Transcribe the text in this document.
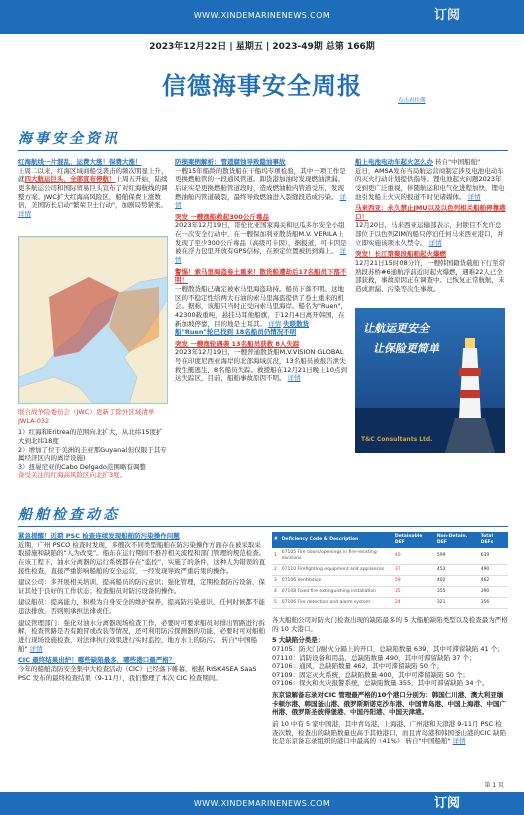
WWW.XINDEMARINENEWS.COM	订阅
2023年12月22日 | 星期五 | 2023-49期 总第 166期
信德海事安全周报
点击看往期
海事安全资讯
红海航线一片混乱，运费大涨！保费大涨！
上周二以来，红海区域商船受袭击的频次明显上升，就四大航运巨头，全部宣布停航！上周五开始，陆续更多航运公司和国际贸易巨头宣布了对红海航线的调整方案。JWC扩大红海高风险区，船舶保费上涨数倍，美国防长启动"繁荣卫士行动"，加剧局势紧张。 详情
联合战争险委员会（JWC）更新了除外区域清单 JWLA-032
1）红海和Eritrea的范围向北扩大，从北纬15度扩大到北纬18度
2）增加了位于美洲的圭亚那Guyana(但仅限于其专属经济区内的离岸设施)
3）扭晏尼亚的Cabo Delgado范围略有调整
备受关注的红海高风险区向北扩3度。
防损案例解析：管道腐蚀导致隐油事故
一艘15年船龄的散货船在干船坞专项检验，其中一项工作是更换燃舱管的一段通风管道。卸货港加油时发现燃油泄漏。后证实是更换燃舱管道段时，造成燃油舱内管道受压，发现燃油舱内管道破裂，最终导致燃油进入裂缝段造成污染。 详情
突发 一艘渔船救起300公斤毒品
2023年12月19日，哥伦比亚国家海关和厄瓜多尔安全小组在一次安全行动中，在一艘保加利亚散货船M.V. VERILA上发现了至少300公斤毒品（高级可卡因），据报道，可卡因是被在浮力包里开放有GPS信标，在预定位置被扔到海上。 详情
警惕！索马里海盗卷土重来！散货船遭劫后17名船员下落不明！
一艘散货船已确定被索马里海盗劫持。船员下落不明。这地区的不稳定性给两大石油的索马里海盗提供了卷土重来的机会。据称，该船只当时正受向索马里海岸。船名为"Ruen"，42300载重吨，悬挂马耳他船旗，于12月4日离开韩国，在新加坡停靠，目的地是土耳其。 详情 失联散货船"Ruen"轮已找到 18名船员仍情况不明
突发 一艘渔轮遇袭 13名船员获救 8人失踪
2023年12月19日，一艘普通散货船M.V.VISION GLOBAL号在印度尼西亚海岸的北部海域沉没，13名船员被报告泄失救生艇逃生，8名船员失踪。救援船在12月21日晚上10点到达失踪区，目前，船舶事故原因不明。 详情
船上电池电动车起火怎么办 转自"中国船舶"
近日，AMSA发布当局航运营商制定涉及电池电动车的灭火行动计划提供指导。锂电池起火问题2023年受到更广泛重视，伴随航运和电气化进程加快，锂电池引发船上火灾的报道不时见诸媒体。 详情
马来西亚：永久禁止JMU以及以色列相关船舶停靠港口！
12月20日，马来西亚运输部表示，封锁目不允许总部位于以色列ZIM的船只停泊任何马来西亚港口，并立即实施该项永久禁令。 详情
突发！长江第聚段船舶起火爆燃
12月21日15时08分许，一艘韩国籍货载舶下行至常熟段苏桥#6通航浮前近时起火爆燃，遇难22人已全部获救，事故原因正在调查中。已恢复正常航航，未造成泄漏、污染等次生事故。
让航运更安全
让保险更简单
T&C Consultants Ltd.
船舶检查动态
紧急提醒！近期 PSC 检查连续发现船舶防污染操作问题
近期，广州 PSCO 检查时发现，多艘次不同类型船舶在防污染操作方面存在被采取采取措施和缺陷的“人为改变”。船东在运行期间不推荐相关流程和部门管理的规范检查。在该工程下，油水分离器的运行系统都存在“监控”，实施了的条件，这种人为错误的直接性检查，直接严重影响船舶的安全运营，一经发现导致严重后果的操作。
建议公司：多开展相关培训，提高船员的防污意识；强化管理，定期检查防污设备，保证其处于良好的工作状态；检查船员对防污设备的操作。
建议船员：提高能力，积极为自身安全的维护保养，提高防污染意识，任何时候都不能违法排放，否则则承担法律责任。
建议管理部门：强化对油水分离器现场检查工作，必要时可要求船员对排出管路进行拆解，检查管路是否有跑冒或改装等情况，还可利用防污探测器的功能，必要时可对船舶进行现场设施检查，对法律执行效果进行实时监控，地方水上的防污。 转自"中国船舶" 详情
CIC 最终结果出炉！哪些缺陷最多，哪些港口最严格？
今年的船舶消防安全集中大检查活动（CIC）已经落下帷幕，根据 RISK4SEA SaaS PSC 发布的最终检查结果（9-11月），我们整理了本次 CIC 检查期间。
#	Deficiency Code & Description	Detainable DEF	Non-Detain. DEF	Total DEFs
1	07105 Fire doors/openings in fire-resisting divisions	40	599	639
2	07110 Firefighting equipment and appliances	37	453	490
3	07106 Ventilation	59	402	462
4	07108 Fixed fire extinguishing installation	35	355	390
5	07106 Fire detection and alarm system	24	321	356
各大船舶公司对防火门检查出现的缺陷最多的 5 大船舶缺陷类型以及检查最为严格的 10 大港口。
5 大缺陷分类是：
07105：防火门/耐火分隔上的开口，总缺陷数量 639，其中可滞留缺陷 41 个；
07110：消防设备和用品，总缺陷数量 490，其中可滞留缺陷 37 个；
07106：通风，总缺陷数量 462，其中可滞留缺陷 50 个；
07109：固定灭火系统，总缺陷数量 400，其中可滞留缺陷 50 个；
07106：探火和火灾报警系统，总缺陷数量 355，其中可滞留缺陷 34 个。
东京谅解备忘录对CIC 管理最严格的10个港口分别为：韩国仁川港、澳大利亚缅卡顿尔港、韩国釜山港、俄罗斯斯诺克沙车港、中国青岛港、中国上海港、中国广州港、俄罗斯圣彼得堡港、中国丹阳港、中国天津港。
前 10 中有 5 家中国港，其中青岛港、上海港、广州港和天津港 9-11月 PSC 检查次数，检查出的缺陷数量也高于其他港口，而且青岛港和韩国釜山港的CIC 缺陷比是东京备忘录组织的港口中最高的（41%） 转自"中国船舶" 详情
第 1 页
WWW.XINDEMARINENEWS.COM	订阅
